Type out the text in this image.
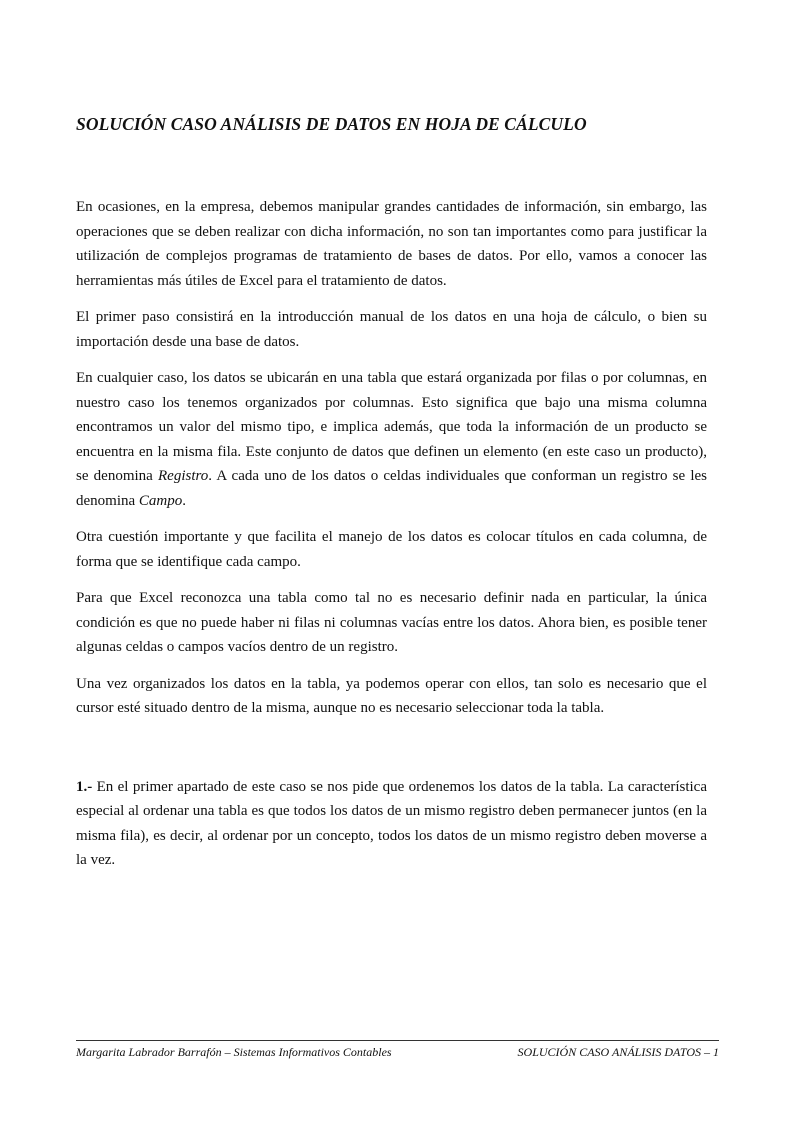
SOLUCIÓN CASO ANÁLISIS DE DATOS EN HOJA DE CÁLCULO

En ocasiones, en la empresa, debemos manipular grandes cantidades de información, sin embargo, las operaciones que se deben realizar con dicha información, no son tan importantes como para justificar la utilización de complejos programas de tratamiento de bases de datos. Por ello, vamos a conocer las herramientas más útiles de Excel para el tratamiento de datos.

El primer paso consistirá en la introducción manual de los datos en una hoja de cálculo, o bien su importación desde una base de datos.

En cualquier caso, los datos se ubicarán en una tabla que estará organizada por filas o por columnas, en nuestro caso los tenemos organizados por columnas. Esto significa que bajo una misma columna encontramos un valor del mismo tipo, e implica además, que toda la información de un producto se encuentra en la misma fila. Este conjunto de datos que definen un elemento (en este caso un producto), se denomina Registro. A cada uno de los datos o celdas individuales que conforman un registro se les denomina Campo.

Otra cuestión importante y que facilita el manejo de los datos es colocar títulos en cada columna, de forma que se identifique cada campo.

Para que Excel reconozca una tabla como tal no es necesario definir nada en particular, la única condición es que no puede haber ni filas ni columnas vacías entre los datos. Ahora bien, es posible tener algunas celdas o campos vacíos dentro de un registro.

Una vez organizados los datos en la tabla, ya podemos operar con ellos, tan solo es necesario que el cursor esté situado dentro de la misma, aunque no es necesario seleccionar toda la tabla.

1.- En el primer apartado de este caso se nos pide que ordenemos los datos de la tabla. La característica especial al ordenar una tabla es que todos los datos de un mismo registro deben permanecer juntos (en la misma fila), es decir, al ordenar por un concepto, todos los datos de un mismo registro deben moverse a la vez.

Margarita Labrador Barrafón – Sistemas Informativos Contables	SOLUCIÓN CASO ANÁLISIS DATOS – 1
